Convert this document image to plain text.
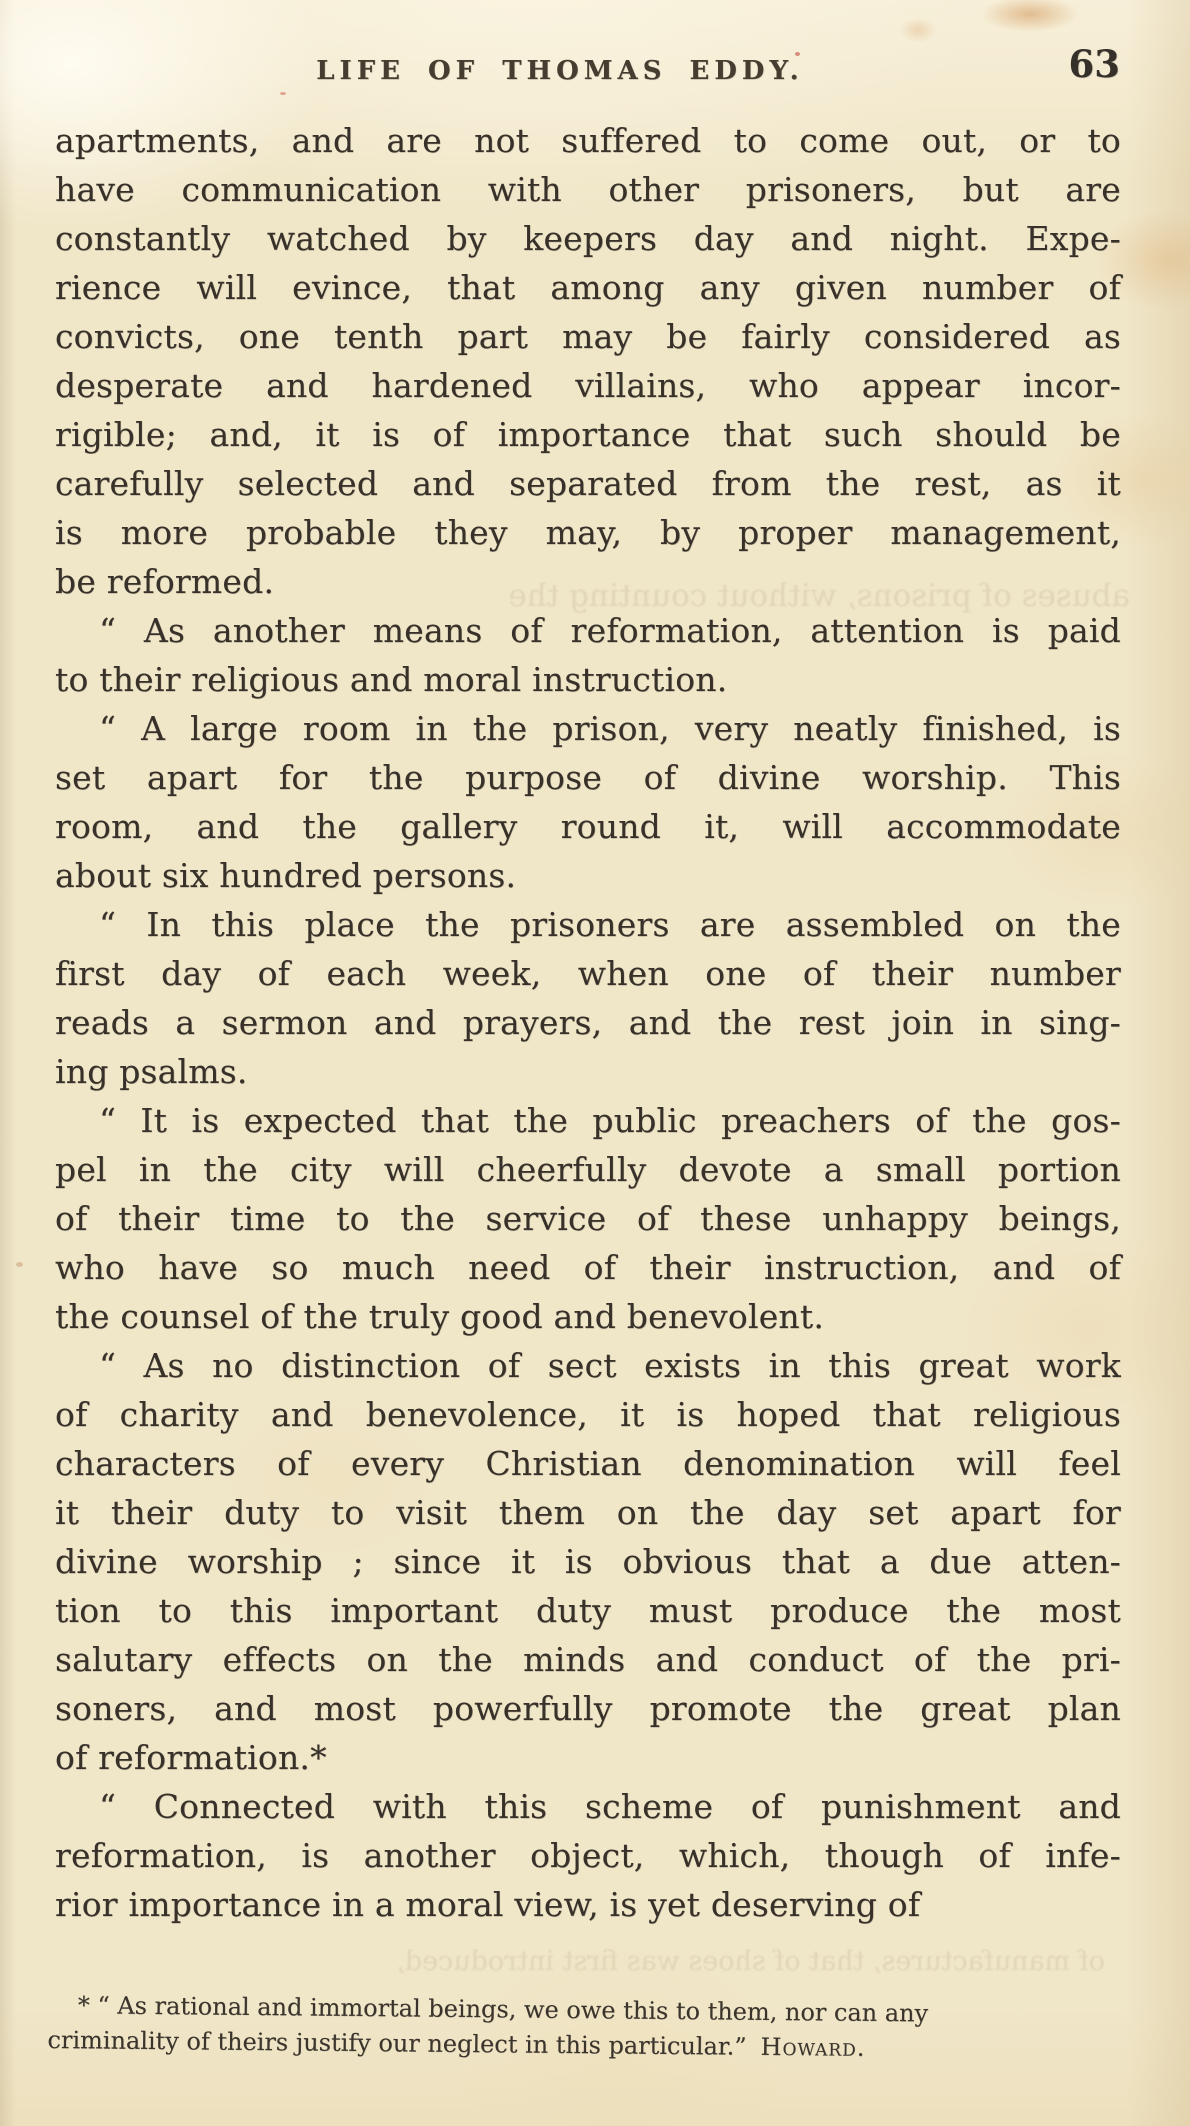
LIFE OF THOMAS EDDY.	63
apartments, and are not suffered to come out, or to
have communication with other prisoners, but are
constantly watched by keepers day and night. Expe-
rience will evince, that among any given number of
convicts, one tenth part may be fairly considered as
desperate and hardened villains, who appear incor-
rigible; and, it is of importance that such should be
carefully selected and separated from the rest, as it
is more probable they may, by proper management,
be reformed.
“ As another means of reformation, attention is paid
to their religious and moral instruction.
“ A large room in the prison, very neatly finished, is
set apart for the purpose of divine worship. This
room, and the gallery round it, will accommodate
about six hundred persons.
“ In this place the prisoners are assembled on the
first day of each week, when one of their number
reads a sermon and prayers, and the rest join in sing-
ing psalms.
“ It is expected that the public preachers of the gos-
pel in the city will cheerfully devote a small portion
of their time to the service of these unhappy beings,
who have so much need of their instruction, and of
the counsel of the truly good and benevolent.
“ As no distinction of sect exists in this great work
of charity and benevolence, it is hoped that religious
characters of every Christian denomination will feel
it their duty to visit them on the day set apart for
divine worship ; since it is obvious that a due atten-
tion to this important duty must produce the most
salutary effects on the minds and conduct of the pri-
soners, and most powerfully promote the great plan
of reformation.*
“ Connected with this scheme of punishment and
reformation, is another object, which, though of infe-
rior importance in a moral view, is yet deserving of
* “ As rational and immortal beings, we owe this to them, nor can any
criminality of theirs justify our neglect in this particular.” Howard.
abuses of prisons, without counting the
of manufactures, that of shoes was first introduced,
